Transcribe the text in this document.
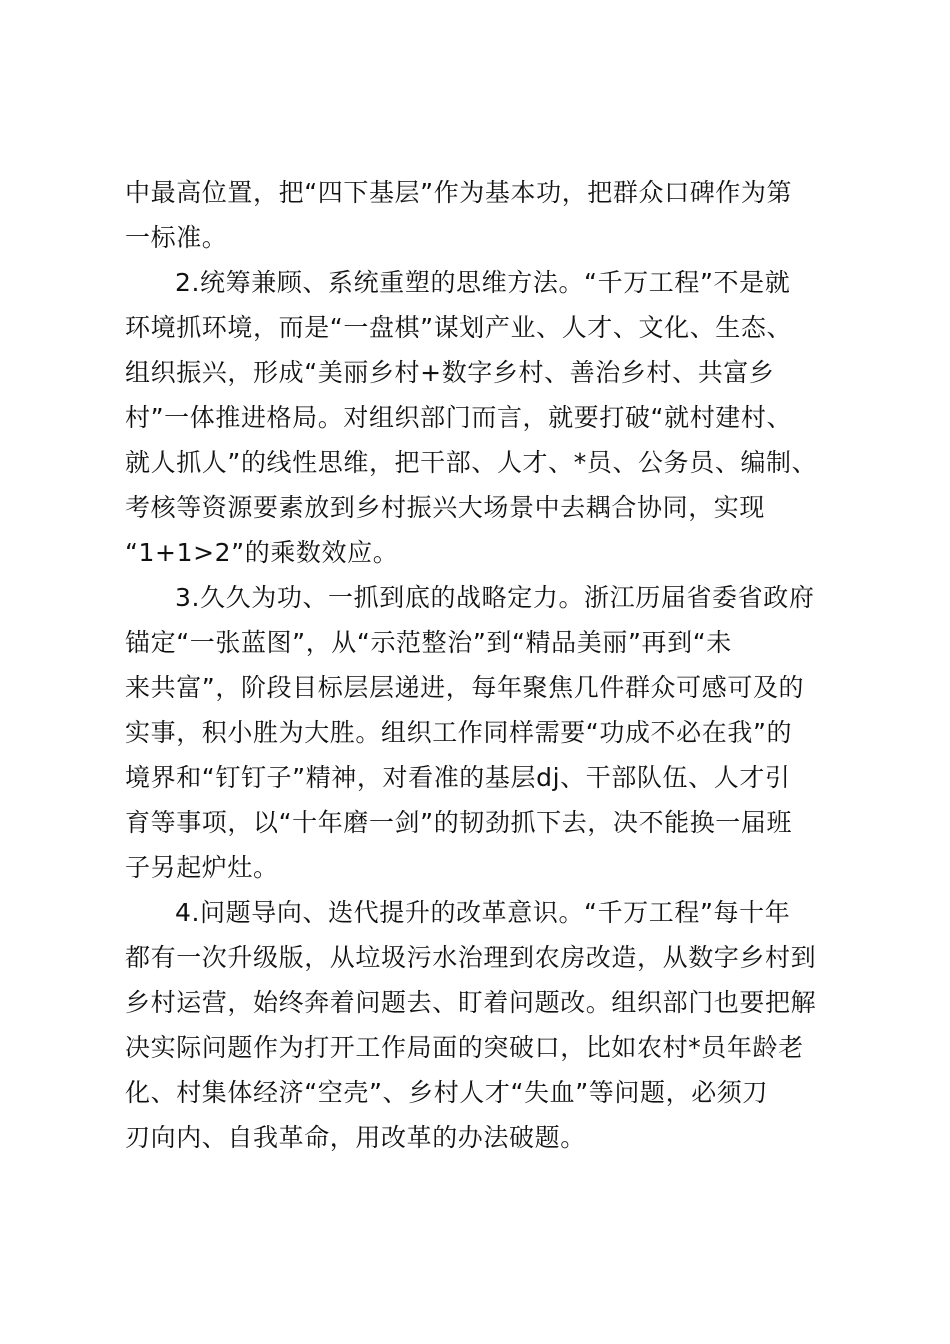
中最高位置，把“四下基层”作为基本功，把群众口碑作为第
一标准。

2.统筹兼顾、系统重塑的思维方法。“千万工程”不是就
环境抓环境，而是“一盘棋”谋划产业、人才、文化、生态、
组织振兴，形成“美丽乡村+数字乡村、善治乡村、共富乡
村”一体推进格局。对组织部门而言，就要打破“就村建村、
就人抓人”的线性思维，把干部、人才、*员、公务员、编制、
考核等资源要素放到乡村振兴大场景中去耦合协同，实现
“1+1>2”的乘数效应。

3.久久为功、一抓到底的战略定力。浙江历届省委省政府
锚定“一张蓝图”，从“示范整治”到“精品美丽”再到“未
来共富”，阶段目标层层递进，每年聚焦几件群众可感可及的
实事，积小胜为大胜。组织工作同样需要“功成不必在我”的
境界和“钉钉子”精神，对看准的基层dj、干部队伍、人才引
育等事项，以“十年磨一剑”的韧劲抓下去，决不能换一届班
子另起炉灶。

4.问题导向、迭代提升的改革意识。“千万工程”每十年
都有一次升级版，从垃圾污水治理到农房改造，从数字乡村到
乡村运营，始终奔着问题去、盯着问题改。组织部门也要把解
决实际问题作为打开工作局面的突破口，比如农村*员年龄老
化、村集体经济“空壳”、乡村人才“失血”等问题，必须刀
刃向内、自我革命，用改革的办法破题。
